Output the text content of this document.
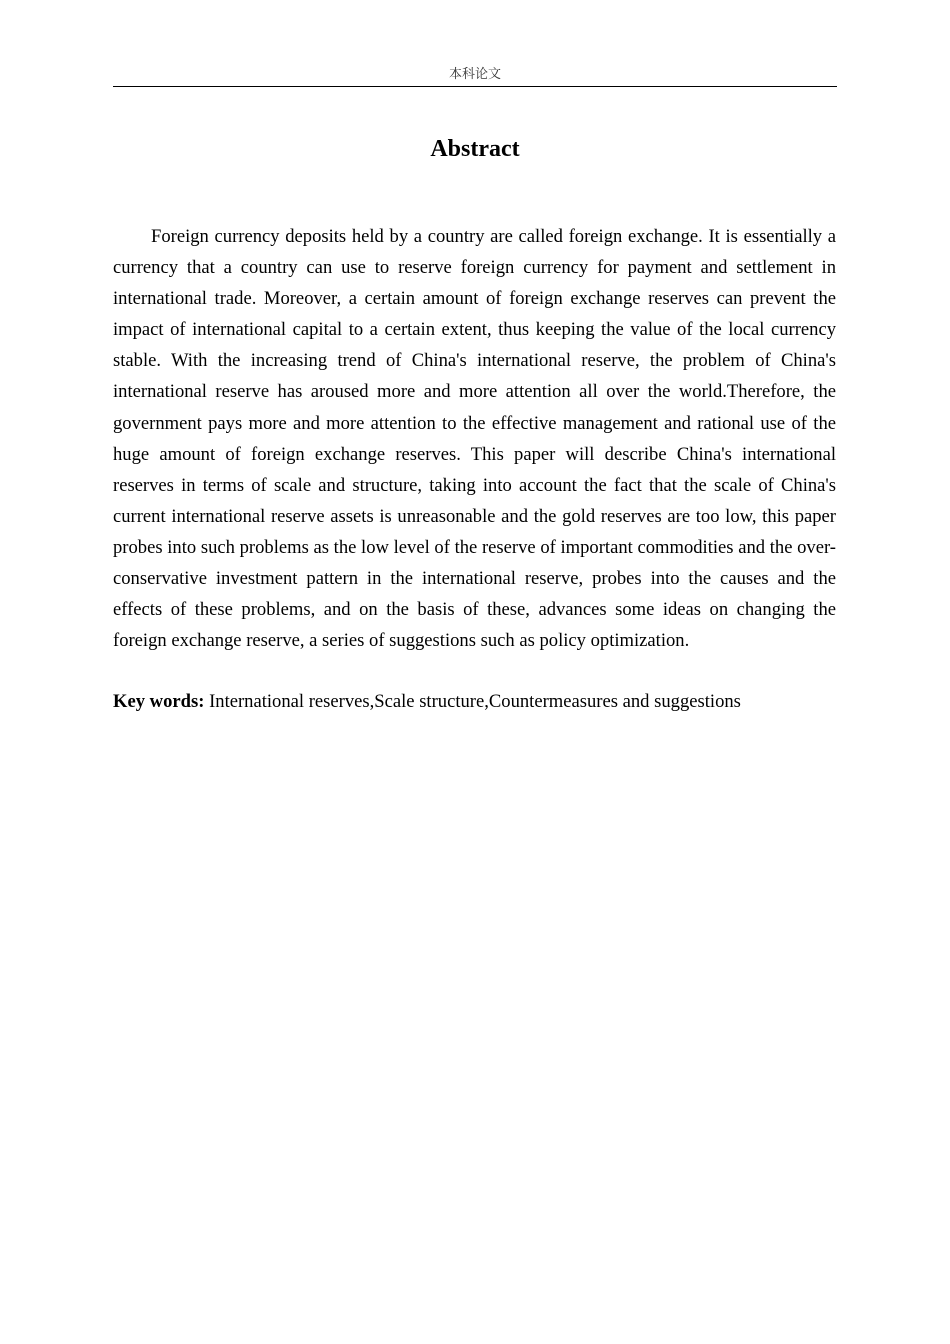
本科论文
Abstract

Foreign currency deposits held by a country are called foreign exchange. It is essentially a currency that a country can use to reserve foreign currency for payment and settlement in international trade. Moreover, a certain amount of foreign exchange reserves can prevent the impact of international capital to a certain extent, thus keeping the value of the local currency stable. With the increasing trend of China's international reserve, the problem of China's international reserve has aroused more and more attention all over the world.Therefore, the government pays more and more attention to the effective management and rational use of the huge amount of foreign exchange reserves. This paper will describe China's international reserves in terms of scale and structure, taking into account the fact that the scale of China's current international reserve assets is unreasonable and the gold reserves are too low, this paper probes into such problems as the low level of the reserve of important commodities and the over-conservative investment pattern in the international reserve, probes into the causes and the effects of these problems, and on the basis of these, advances some ideas on changing the foreign exchange reserve, a series of suggestions such as policy optimization.

Key words: International reserves,Scale structure,Countermeasures and suggestions
